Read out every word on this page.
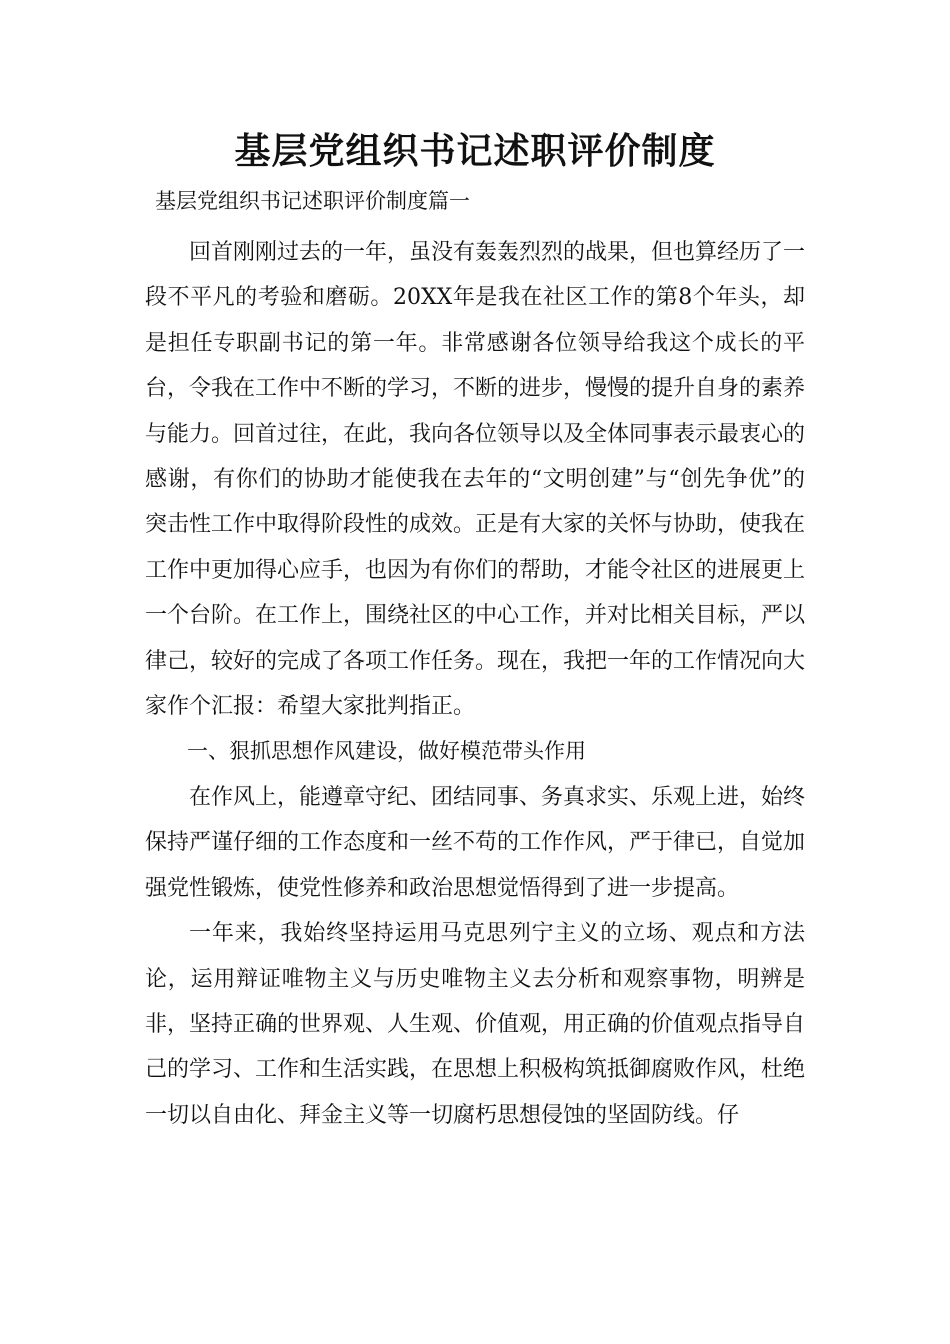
基层党组织书记述职评价制度
基层党组织书记述职评价制度篇一

回首刚刚过去的一年，虽没有轰轰烈烈的战果，但也算经历了一段不平凡的考验和磨砺。20XX年是我在社区工作的第8个年头，却是担任专职副书记的第一年。非常感谢各位领导给我这个成长的平台，令我在工作中不断的学习，不断的进步，慢慢的提升自身的素养与能力。回首过往，在此，我向各位领导以及全体同事表示最衷心的感谢，有你们的协助才能使我在去年的“文明创建”与“创先争优”的突击性工作中取得阶段性的成效。正是有大家的关怀与协助，使我在工作中更加得心应手，也因为有你们的帮助，才能令社区的进展更上一个台阶。在工作上，围绕社区的中心工作，并对比相关目标，严以律己，较好的完成了各项工作任务。现在，我把一年的工作情况向大家作个汇报：希望大家批判指正。

一、狠抓思想作风建设，做好模范带头作用

在作风上，能遵章守纪、团结同事、务真求实、乐观上进，始终保持严谨仔细的工作态度和一丝不苟的工作作风，严于律已，自觉加强党性锻炼，使党性修养和政治思想觉悟得到了进一步提高。

一年来，我始终坚持运用马克思列宁主义的立场、观点和方法论，运用辩证唯物主义与历史唯物主义去分析和观察事物，明辨是非，坚持正确的世界观、人生观、价值观，用正确的价值观点指导自己的学习、工作和生活实践，在思想上积极构筑抵御腐败作风，杜绝一切以自由化、拜金主义等一切腐朽思想侵蚀的坚固防线。仔
